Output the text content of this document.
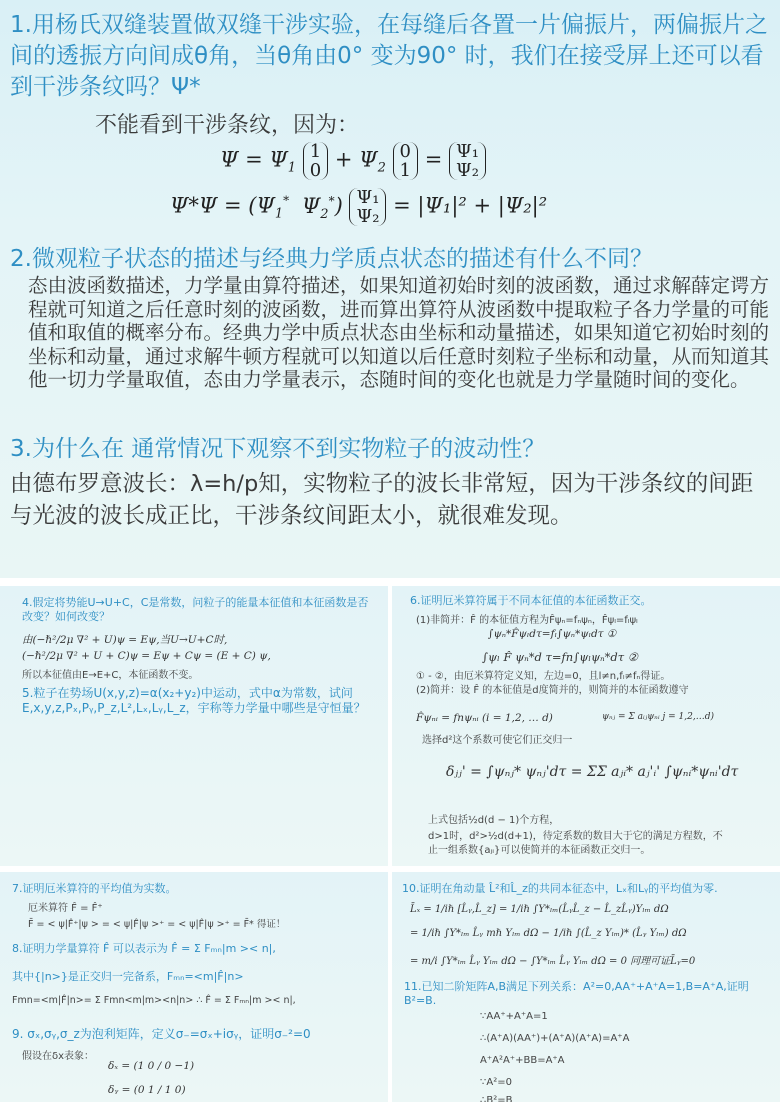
1.用杨氏双缝装置做双缝干涉实验，在每缝后各置一片偏振片，两偏振片之间的透振方向间成θ角，当θ角由0° 变为90° 时，我们在接受屏上还可以看到干涉条纹吗？Ψ*
不能看到干涉条纹，因为：
$\Psi = \Psi_1$ 1
$0 + \Psi_2$ 0
1 = Ψ₁
Ψ₂
$\Psi*\Psi = (\Psi_1^*$ $\Psi_2^*$) Ψ₁
Ψ₂ = |Ψ₁|² + |Ψ₂|²
2.微观粒子状态的描述与经典力学质点状态的描述有什么不同？
态由波函数描述，力学量由算符描述，如果知道初始时刻的波函数，通过求解薛定谔方程就可知道之后任意时刻的波函数，进而算出算符从波函数中提取粒子各力学量的可能值和取值的概率分布。经典力学中质点状态由坐标和动量描述，如果知道它初始时刻的坐标和动量，通过求解牛顿方程就可以知道以后任意时刻粒子坐标和动量，从而知道其他一切力学量取值，态由力学量表示，态随时间的变化也就是力学量随时间的变化。
3.为什么在 通常情况下观察不到实物粒子的波动性？
由德布罗意波长：λ=h/p知，实物粒子的波长非常短，因为干涉条纹的间距与光波的波长成正比，干涉条纹间距太小，就很难发现。
4.假定将势能U→U+C，C是常数，问粒子的能量本征值和本征函数是否改变？如何改变？
由(−ℏ²/2μ ∇² + U)ψ = Eψ,当U→U+C时,
(−ℏ²/2μ ∇² + U + C)ψ = Eψ + Cψ = (E + C) ψ,
所以本征值由E→E+C，本征函数不变。
5.粒子在势场U(x,y,z)=α(x₂+y₂)中运动，式中α为常数，试问E,x,y,z,Pₓ,Pᵧ,P_z,L²,Lₓ,Lᵧ,L_z，宇称等力学量中哪些是守恒量？
6.证明厄米算符属于不同本征值的本征函数正交。
(1)非简并：F̂ 的本征值方程为F̂ψₙ=fₙψₙ，F̂ψₗ=fₗψₗ
∫ψₙ*F̂ψₗdτ=fₗ∫ψₙ*ψₗdτ ①
∫ψₗ F̂ ψₙ*d τ=fn∫ψₗψₙ*dτ ②
① - ②，由厄米算符定义知，左边=0，且l≠n,fₗ≠fₙ得证。
(2)简并：设 F̂ 的本征值是d度简并的，则简并的本征函数遵守
F̂ψₙᵢ = fnψₙᵢ (i = 1,2, … d)	ψₙⱼ = Σ aᵢⱼψₙᵢ j = 1,2,…d)
选择d²这个系数可使它们正交归一
δⱼⱼ' = ∫ψₙⱼ* ψₙⱼ'dτ = ΣΣ aⱼᵢ* aⱼ'ᵢ' ∫ψₙᵢ*ψₙᵢ'dτ
上式包括½d(d − 1)个方程，
d>1时，d²>½d(d+1)，待定系数的数目大于它的满足方程数，不
止一组系数{aⱼᵢ}可以使简并的本征函数正交归一。
7.证明厄米算符的平均值为实数。
厄米算符 F̂ = F̂⁺
F̄ = < ψ|F̂⁺|ψ > = < ψ|F̂|ψ >⁺ = < ψ|F̂|ψ >⁺ = F̄* 得证！
8.证明力学量算符 F̂ 可以表示为 F̂ = Σ Fₘₙ|m >< n|,
其中{|n>}是正交归一完备系，Fₘₙ=<m|F̂|n>
Fmn=<m|F̂|n>= Σ Fmn<m|m><n|n> ∴ F̂ = Σ Fₘₙ|m >< n|,
9. σₓ,σᵧ,σ_z为泡利矩阵，定义σ₋=σₓ+iσᵧ，证明σ₋²=0
假设在δx表象：
δₓ = (1 0 / 0 −1)
δᵧ = (0 1 / 1 0)
10.证明在角动量 L̂²和L̂_z的共同本征态中，Lₓ和Lᵧ的平均值为零.
L̄ₓ = 1/iℏ [L̂ᵧ,L̂_z] = 1/iℏ ∫Y*ₗₘ(L̂ᵧL̂_z − L̂_zL̂ᵧ)Yₗₘ dΩ
= 1/iℏ ∫Y*ₗₘ L̂ᵧ mℏ Yₗₘ dΩ − 1/iℏ ∫(L̂_z Yₗₘ)* (L̂ᵧ Yₗₘ) dΩ
= m/i ∫Y*ₗₘ L̂ᵧ Yₗₘ dΩ − ∫Y*ₗₘ L̂ᵧ Yₗₘ dΩ = 0 同理可证L̄ᵧ=0
11.已知二阶矩阵A,B满足下列关系：A²=0,AA⁺+A⁺A=1,B=A⁺A,证明B²=B.
∵AA⁺+A⁺A=1
∴(A⁺A)(AA⁺)+(A⁺A)(A⁺A)=A⁺A
A⁺A²A⁺+BB=A⁺A
∵A²=0
∴B²=B
